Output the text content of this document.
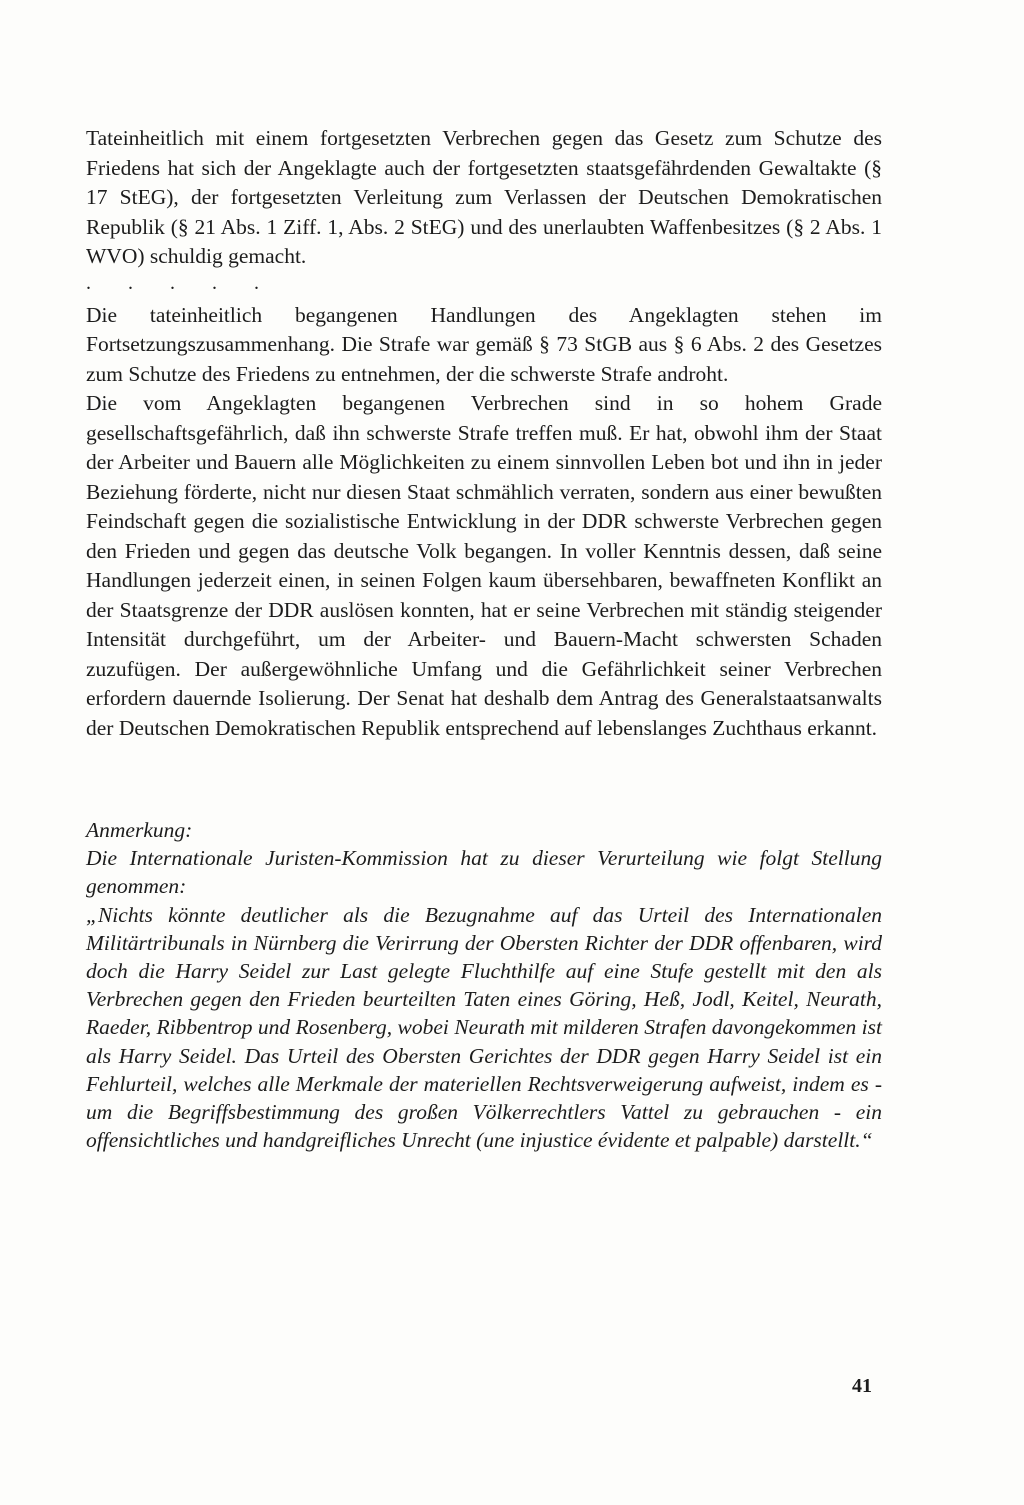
Tateinheitlich mit einem fortgesetzten Verbrechen gegen das Gesetz zum Schutze des Friedens hat sich der Angeklagte auch der fortgesetzten staatsgefährdenden Gewaltakte (§ 17 StEG), der fortgesetzten Verleitung zum Verlassen der Deutschen Demokratischen Republik (§ 21 Abs. 1 Ziff. 1, Abs. 2 StEG) und des unerlaubten Waffenbesitzes (§ 2 Abs. 1 WVO) schuldig gemacht.

. . . . .

Die tateinheitlich begangenen Handlungen des Angeklagten stehen im Fortsetzungszusammenhang. Die Strafe war gemäß § 73 StGB aus § 6 Abs. 2 des Gesetzes zum Schutze des Friedens zu entnehmen, der die schwerste Strafe androht.

Die vom Angeklagten begangenen Verbrechen sind in so hohem Grade gesellschaftsgefährlich, daß ihn schwerste Strafe treffen muß. Er hat, obwohl ihm der Staat der Arbeiter und Bauern alle Möglichkeiten zu einem sinnvollen Leben bot und ihn in jeder Beziehung förderte, nicht nur diesen Staat schmählich verraten, sondern aus einer bewußten Feindschaft gegen die sozialistische Entwicklung in der DDR schwerste Verbrechen gegen den Frieden und gegen das deutsche Volk begangen. In voller Kenntnis dessen, daß seine Handlungen jederzeit einen, in seinen Folgen kaum übersehbaren, bewaffneten Konflikt an der Staatsgrenze der DDR auslösen konnten, hat er seine Verbrechen mit ständig steigender Intensität durchgeführt, um der Arbeiter- und Bauern-Macht schwersten Schaden zuzufügen. Der außergewöhnliche Umfang und die Gefährlichkeit seiner Verbrechen erfordern dauernde Isolierung. Der Senat hat deshalb dem Antrag des Generalstaatsanwalts der Deutschen Demokratischen Republik entsprechend auf lebenslanges Zuchthaus erkannt.

Anmerkung:

Die Internationale Juristen-Kommission hat zu dieser Verurteilung wie folgt Stellung genommen:

„Nichts könnte deutlicher als die Bezugnahme auf das Urteil des Internationalen Militärtribunals in Nürnberg die Verirrung der Obersten Richter der DDR offenbaren, wird doch die Harry Seidel zur Last gelegte Fluchthilfe auf eine Stufe gestellt mit den als Verbrechen gegen den Frieden beurteilten Taten eines Göring, Heß, Jodl, Keitel, Neurath, Raeder, Ribbentrop und Rosenberg, wobei Neurath mit milderen Strafen davongekommen ist als Harry Seidel. Das Urteil des Obersten Gerichtes der DDR gegen Harry Seidel ist ein Fehlurteil, welches alle Merkmale der materiellen Rechtsverweigerung aufweist, indem es - um die Begriffsbestimmung des großen Völkerrechtlers Vattel zu gebrauchen - ein offensichtliches und handgreifliches Unrecht (une injustice évidente et palpable) darstellt.“

41
